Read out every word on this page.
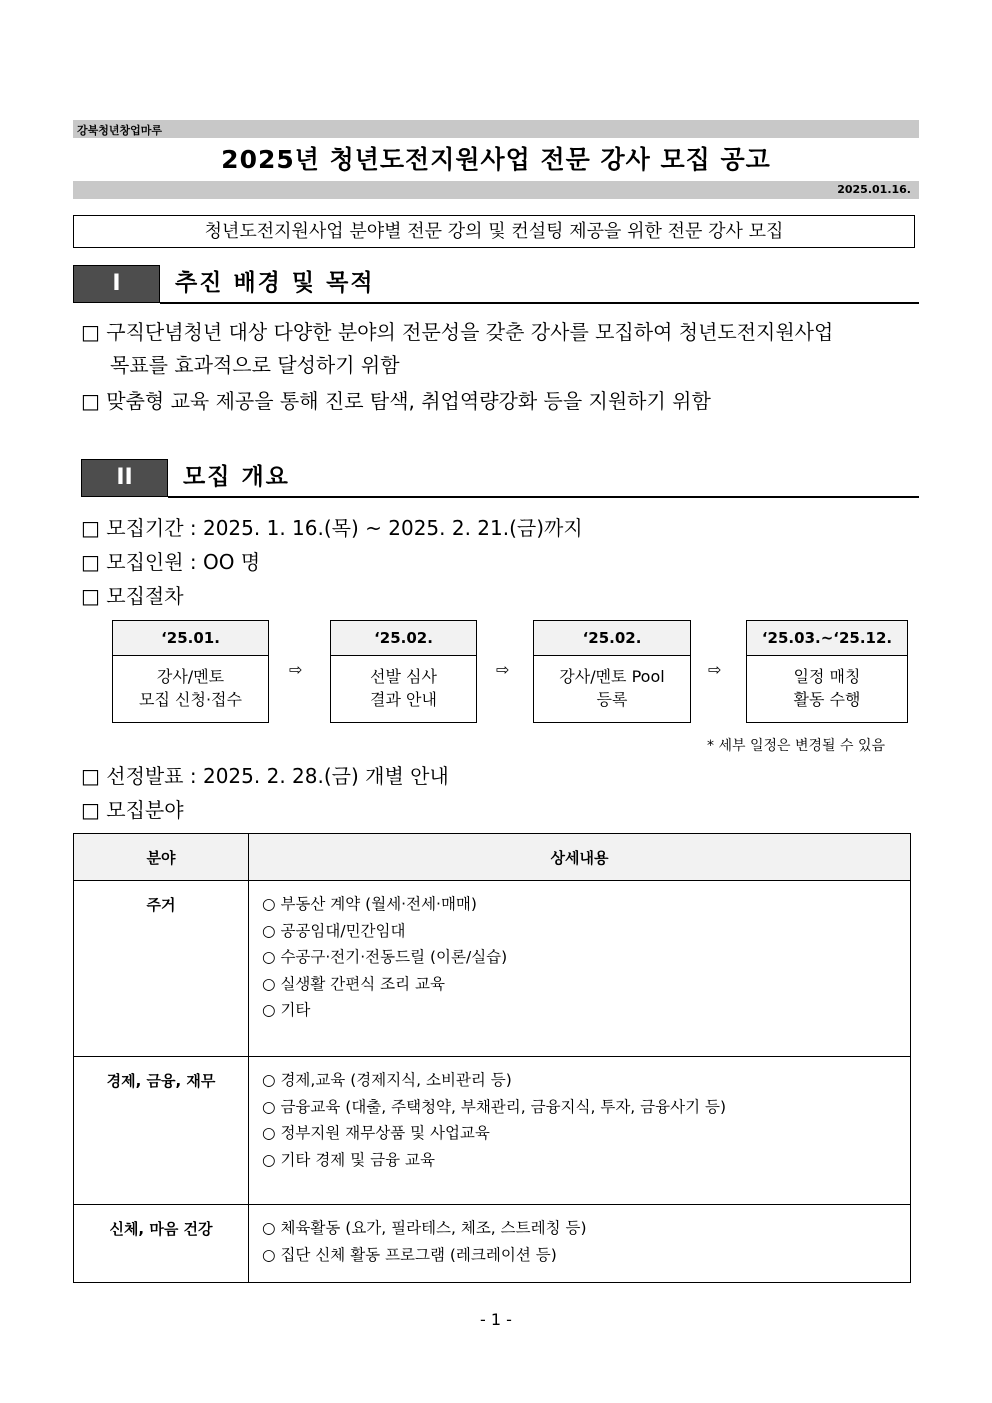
강북청년창업마루
2025년 청년도전지원사업 전문 강사 모집 공고
2025.01.16.
청년도전지원사업 분야별 전문 강의 및 컨설팅 제공을 위한 전문 강사 모집
I	추진 배경 및 목적
□ 구직단념청년 대상 다양한 분야의 전문성을 갖춘 강사를 모집하여 청년도전지원사업
목표를 효과적으로 달성하기 위함
□ 맞춤형 교육 제공을 통해 진로 탐색, 취업역량강화 등을 지원하기 위함
II	모집 개요
□ 모집기간 : 2025. 1. 16.(목) ~ 2025. 2. 21.(금)까지
□ 모집인원 : OO 명
□ 모집절차
‘25.01.
강사/멘토
모집 신청·접수
⇨
‘25.02.
선발 심사
결과 안내
⇨
‘25.02.
강사/멘토 Pool
등록
⇨
‘25.03.~‘25.12.
일정 매칭
활동 수행
* 세부 일정은 변경될 수 있음
□ 선정발표 : 2025. 2. 28.(금) 개별 안내
□ 모집분야
분야	상세내용
주거	○ 부동산 계약 (월세·전세·매매)
○ 공공임대/민간임대
○ 수공구·전기·전동드릴 (이론/실습)
○ 실생활 간편식 조리 교육
○ 기타

경제, 금융, 재무	○ 경제,교육 (경제지식, 소비관리 등)
○ 금융교육 (대출, 주택청약, 부채관리, 금융지식, 투자, 금융사기 등)
○ 정부지원 재무상품 및 사업교육
○ 기타 경제 및 금융 교육

신체, 마음 건강	○ 체육활동 (요가, 필라테스, 체조, 스트레칭 등)
○ 집단 신체 활동 프로그램 (레크레이션 등)
- 1 -
